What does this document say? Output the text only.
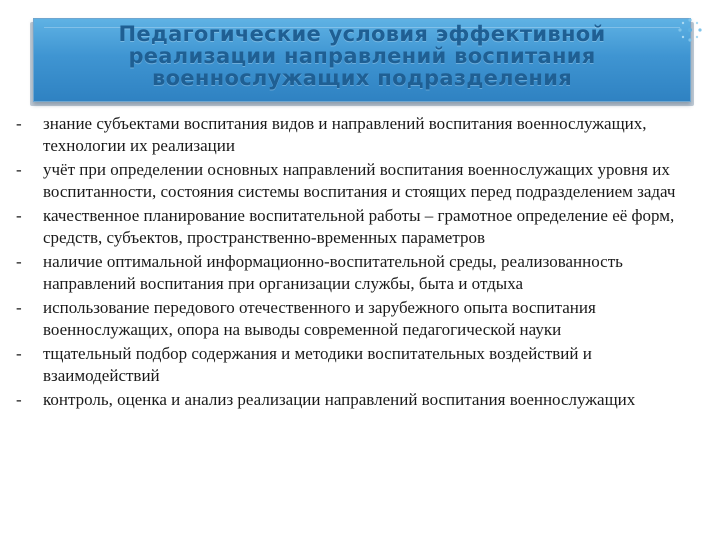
Педагогические условия эффективной
реализации направлений воспитания
военнослужащих подразделения
-	знание субъектами воспитания видов и направлений воспитания военнослужащих, технологии их реализации
-	учёт при определении основных направлений воспитания военнослужащих уровня их воспитанности, состояния системы воспитания и стоящих перед подразделением задач
-	качественное планирование воспитательной работы – грамотное определение её форм, средств, субъектов, пространственно-временных параметров
-	наличие оптимальной информационно-воспитательной среды, реализованность направлений воспитания при организации службы, быта и отдыха
-	использование передового отечественного и зарубежного опыта воспитания военнослужащих, опора на выводы современной педагогической науки
-	тщательный подбор содержания и методики воспитательных воздействий и взаимодействий
-	контроль, оценка и анализ реализации направлений воспитания военнослужащих
